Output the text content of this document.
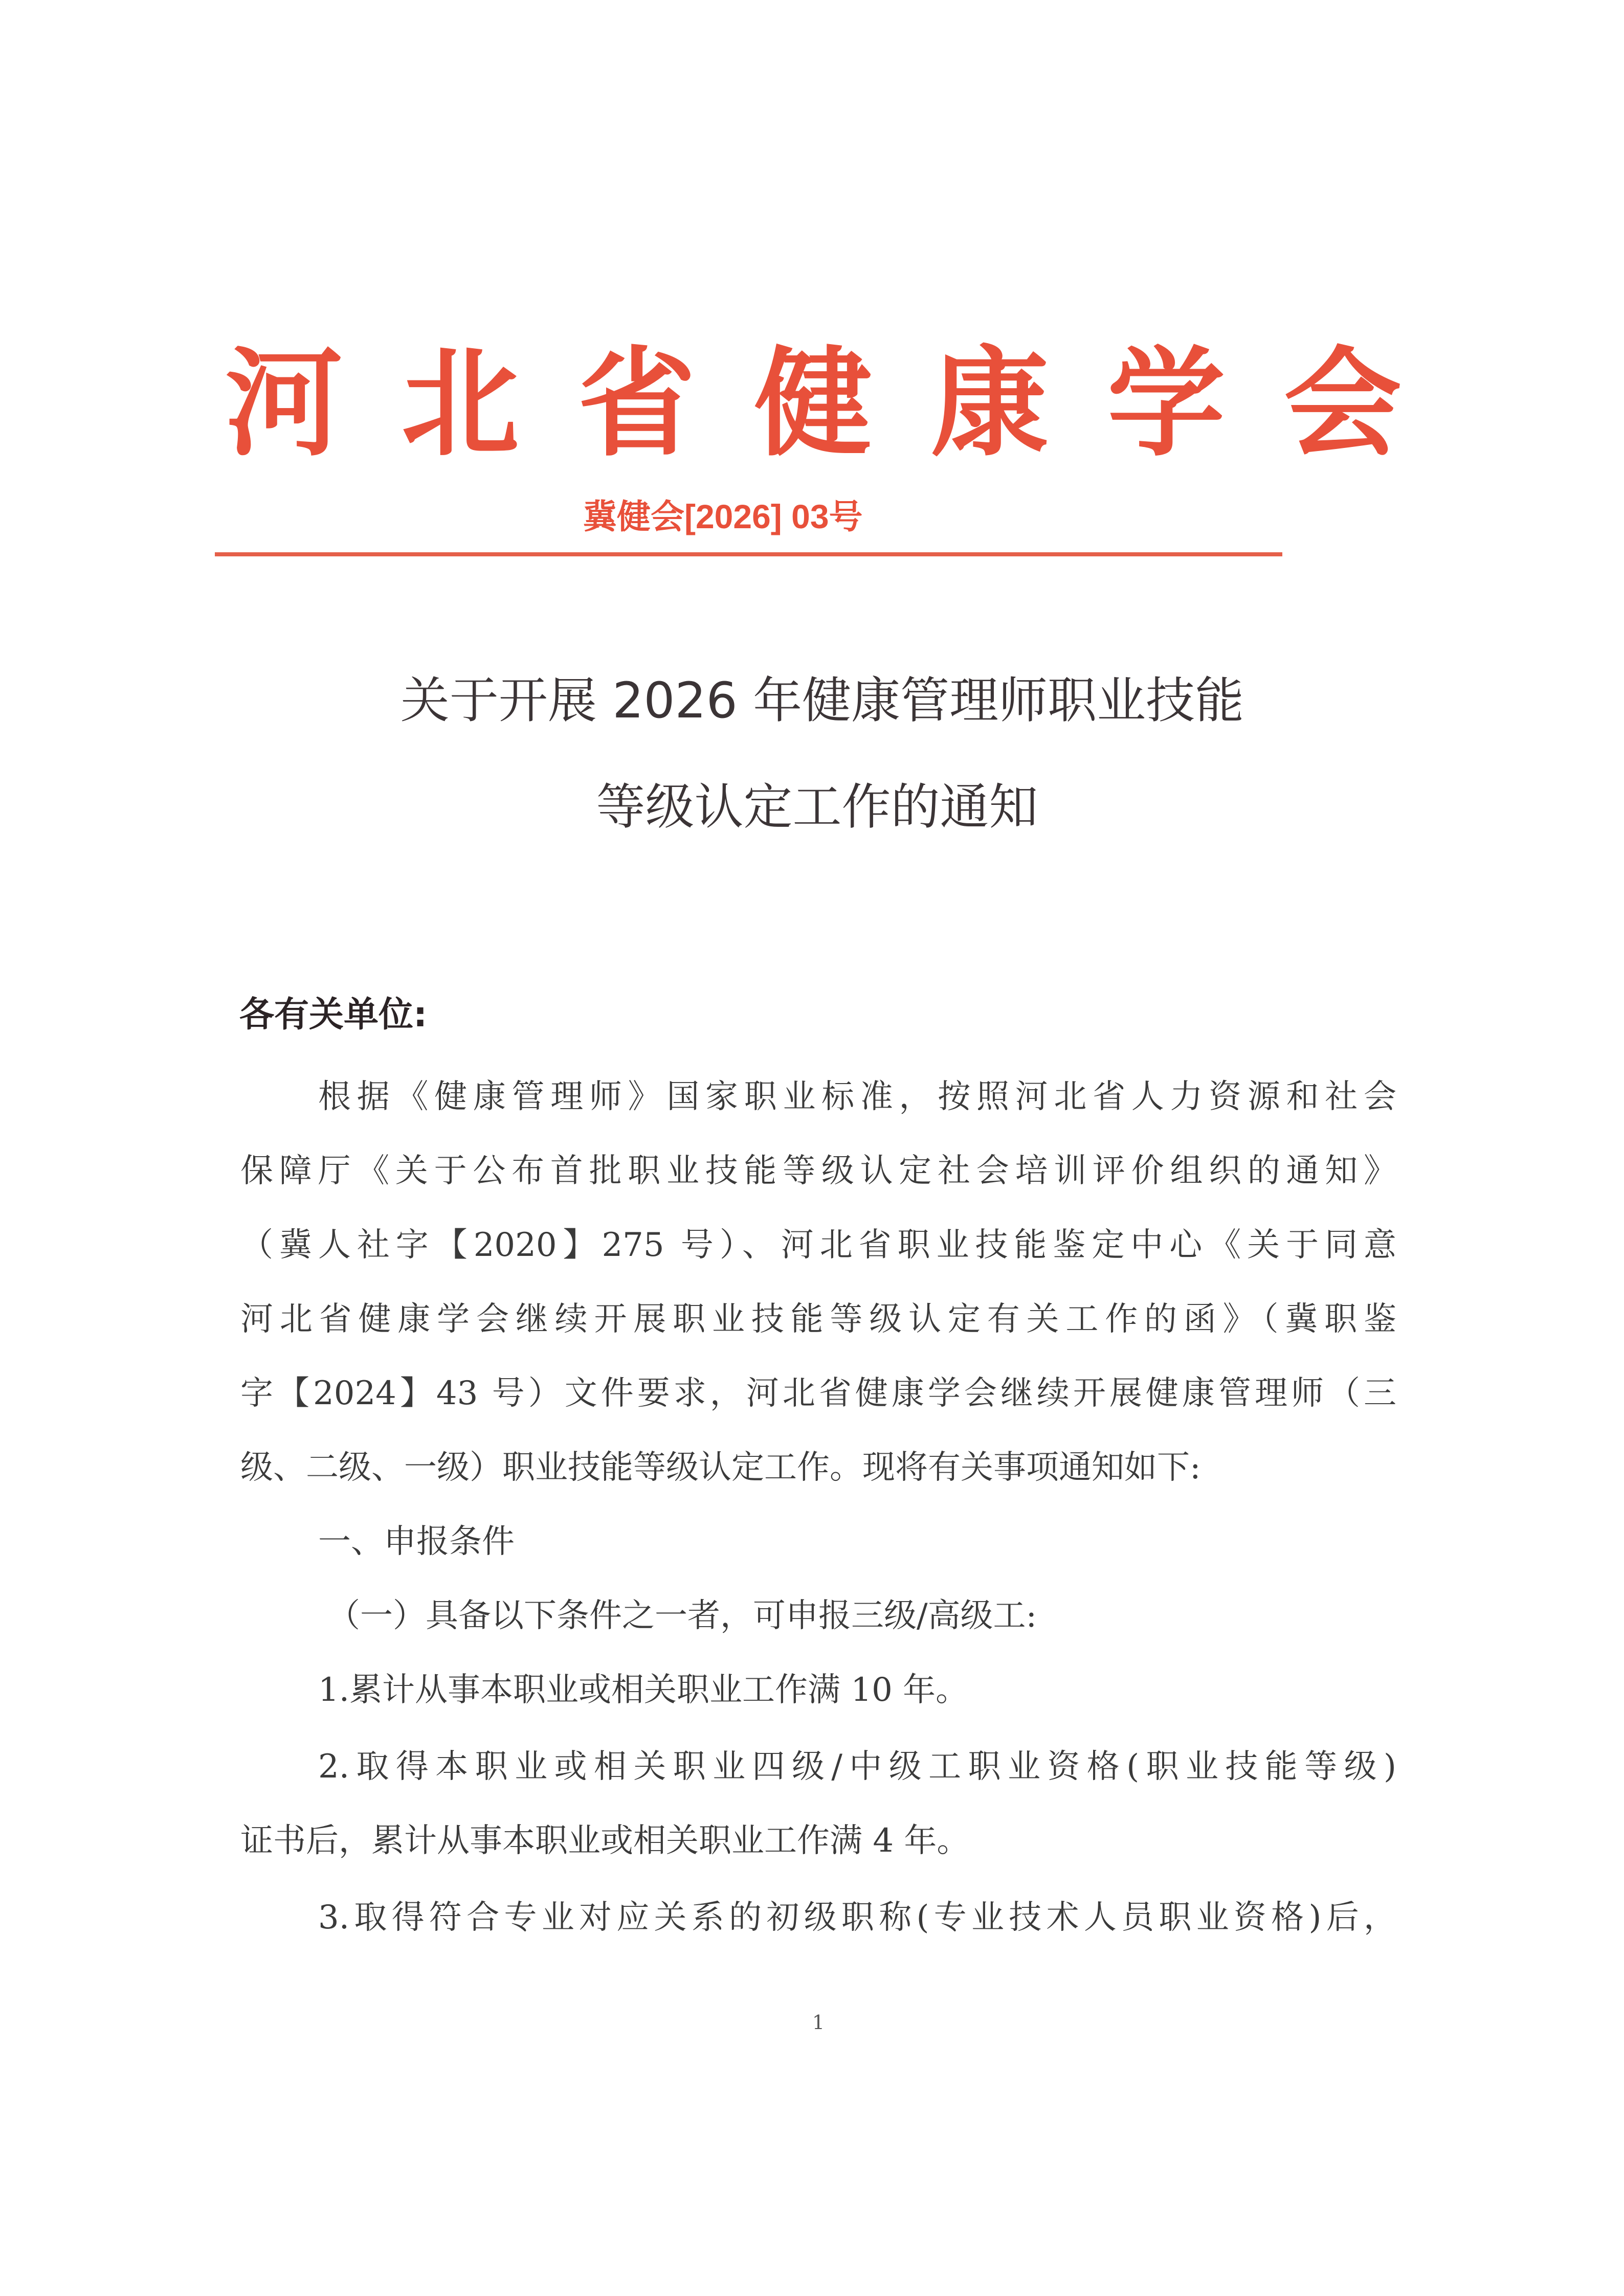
河 北 省 健 康 学 会
冀健会[2026] 03号
关于开展 2026 年健康管理师职业技能
等级认定工作的通知
各有关单位:
根据《健康管理师》国家职业标准，按照河北省人力资源和社会
保障厅《关于公布首批职业技能等级认定社会培训评价组织的通知》
（冀人社字【2020】275 号）、河北省职业技能鉴定中心《关于同意
河北省健康学会继续开展职业技能等级认定有关工作的函》（冀职鉴
字【2024】43 号）文件要求，河北省健康学会继续开展健康管理师（三
级、二级、一级）职业技能等级认定工作。现将有关事项通知如下:
一、申报条件
（一）具备以下条件之一者，可申报三级/高级工:
1.累计从事本职业或相关职业工作满 10 年。
2.取得本职业或相关职业四级/中级工职业资格(职业技能等级)
证书后，累计从事本职业或相关职业工作满 4 年。
3.取得符合专业对应关系的初级职称(专业技术人员职业资格)后，
1
